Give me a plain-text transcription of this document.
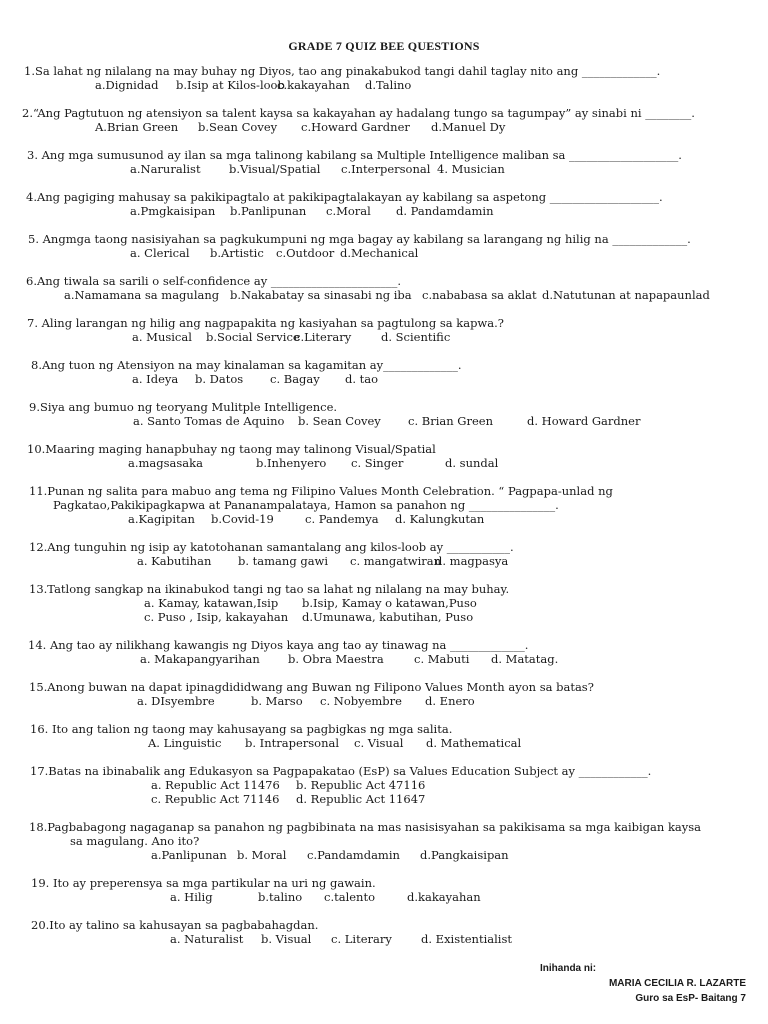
GRADE 7 QUIZ BEE QUESTIONS
1.Sa lahat ng nilalang na may buhay ng Diyos, tao ang pinakabukod tangi dahil taglay nito ang _____________.
a.Dignidad b.Isip at Kilos-loob
c.kakayahan d.Talino
2.“Ang Pagtutuon ng atensiyon sa talent kaysa sa kakayahan ay hadalang tungo sa tagumpay” ay sinabi ni ________.
A.Brian Green b.Sean Covey c.Howard Gardner d.Manuel Dy
3. Ang mga sumusunod ay ilan sa mga talinong kabilang sa Multiple Intelligence maliban sa ___________________.
a.Naruralist b.Visual/Spatial c.Interpersonal 4. Musician
4.Ang pagiging mahusay sa pakikipagtalo at pakikipagtalakayan ay kabilang sa aspetong ___________________.
a.Pmgkaisipan b.Panlipunan c.Moral d. Pandamdamin
5. Angmga taong nasisiyahan sa pagkukumpuni ng mga bagay ay kabilang sa larangang ng hilig na _____________.
a. Clerical b.Artistic c.Outdoor d.Mechanical
6.Ang tiwala sa sarili o self-confidence ay ______________________.
a.Namamana sa magulang b.Nakabatay sa sinasabi ng iba c.nababasa sa aklat d.Natutunan at napapaunlad
7. Aling larangan ng hilig ang nagpapakita ng kasiyahan sa pagtulong sa kapwa.?
a. Musical b.Social Service
c.Literary	d. Scientific
8.Ang tuon ng Atensiyon na may kinalaman sa kagamitan ay_____________.
a. Ideya b. Datos c. Bagay d. tao
9.Siya ang bumuo ng teoryang Mulitple Intelligence.
a. Santo Tomas de Aquino b. Sean Covey c. Brian Green	d. Howard Gardner
10.Maaring maging hanapbuhay ng taong may talinong Visual/Spatial
a.magsasaka	b.Inhenyero c. Singer	d. sundal
11.Punan ng salita para mabuo ang tema ng Filipino Values Month Celebration. “ Pagpapa-unlad ng
Pagkatao,Pakikipagkapwa at Pananampalataya, Hamon sa panahon ng _______________.
a.Kagipitan b.Covid-19	c. Pandemya d. Kalungkutan
12.Ang tunguhin ng isip ay katotohanan samantalang ang kilos-loob ay ___________.
a. Kabutihan b. tamang gawi c. mangatwiran
d. magpasya
13.Tatlong sangkap na ikinabukod tangi ng tao sa lahat ng nilalang na may buhay.
a. Kamay, katawan,Isip b.Isip, Kamay o katawan,Puso
c. Puso , Isip, kakayahan d.Umunawa, kabutihan, Puso
14. Ang tao ay nilikhang kawangis ng Diyos kaya ang tao ay tinawag na _____________.
a. Makapangyarihan b. Obra Maestra	c. Mabuti d. Matatag.
15.Anong buwan na dapat ipinagdididwang ang Buwan ng Filipono Values Month ayon sa batas?
a. DIsyembre	b. Marso c. Nobyembre d. Enero
16. Ito ang talion ng taong may kahusayang sa pagbigkas ng mga salita.
A. Linguistic b. Intrapersonal c. Visual d. Mathematical
17.Batas na ibinabalik ang Edukasyon sa Pagpapakatao (EsP) sa Values Education Subject ay ____________.
a. Republic Act 11476 b. Republic Act 47116
c. Republic Act 71146 d. Republic Act 11647
18.Pagbabagong nagaganap sa panahon ng pagbibinata na mas nasisisyahan sa pakikisama sa mga kaibigan kaysa
sa magulang. Ano ito?
a.Panlipunan b. Moral c.Pandamdamin d.Pangkaisipan
19. Ito ay preperensya sa mga partikular na uri ng gawain.
a. Hilig	b.talino c.talento	d.kakayahan
20.Ito ay talino sa kahusayan sa pagbabahagdan.
a. Naturalist b. Visual c. Literary	d. Existentialist
Inihanda ni:
MARIA CECILIA R. LAZARTE
Guro sa EsP- Baitang 7
